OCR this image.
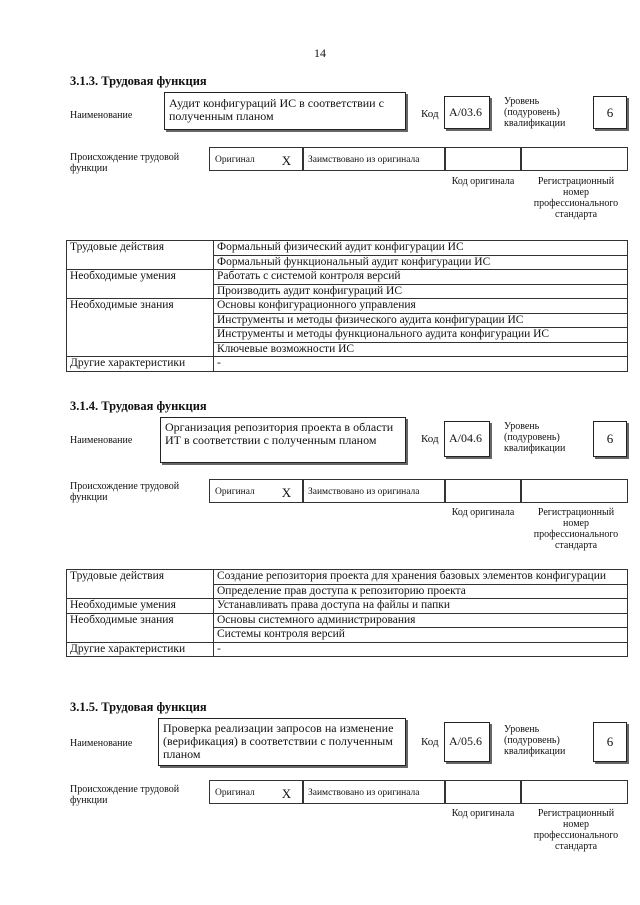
14
3.1.3. Трудовая функция
Наименование
Аудит конфигураций ИС в соответствии с полученным планом	Код A/03.6
Уровень (подуровень) квалификации
6
Происхождение трудовой функции
Оригинал	X	Заимствовано из оригинала
Код оригинала	Регистрационный номер профессионального стандарта
Трудовые действия	Формальный физический аудит конфигурации ИС
	Формальный функциональный аудит конфигурации ИС
Необходимые умения	Работать с системой контроля версий
	Производить аудит конфигураций ИС
Необходимые знания	Основы конфигурационного управления
	Инструменты и методы физического аудита конфигурации ИС
	Инструменты и методы функционального аудита конфигурации ИС
	Ключевые возможности ИС
Другие характеристики	-
3.1.4. Трудовая функция
Наименование
Организация репозитория проекта в области ИТ в соответствии с полученным планом	Код A/04.6
Уровень (подуровень) квалификации
6
Происхождение трудовой функции	Оригинал	X	Заимствовано из оригинала
Код оригинала	Регистрационный номер профессионального стандарта
Трудовые действия	Создание репозитория проекта для хранения базовых элементов конфигурации
	Определение прав доступа к репозиторию проекта
Необходимые умения	Устанавливать права доступа на файлы и папки
Необходимые знания	Основы системного администрирования
	Системы контроля версий
Другие характеристики	-
3.1.5. Трудовая функция
Наименование
Проверка реализации запросов на изменение (верификация) в соответствии с полученным планом
Код A/05.6
Уровень (подуровень) квалификации
6
Происхождение трудовой функции
Оригинал	X	Заимствовано из оригинала
Код оригинала	Регистрационный номер профессионального стандарта
